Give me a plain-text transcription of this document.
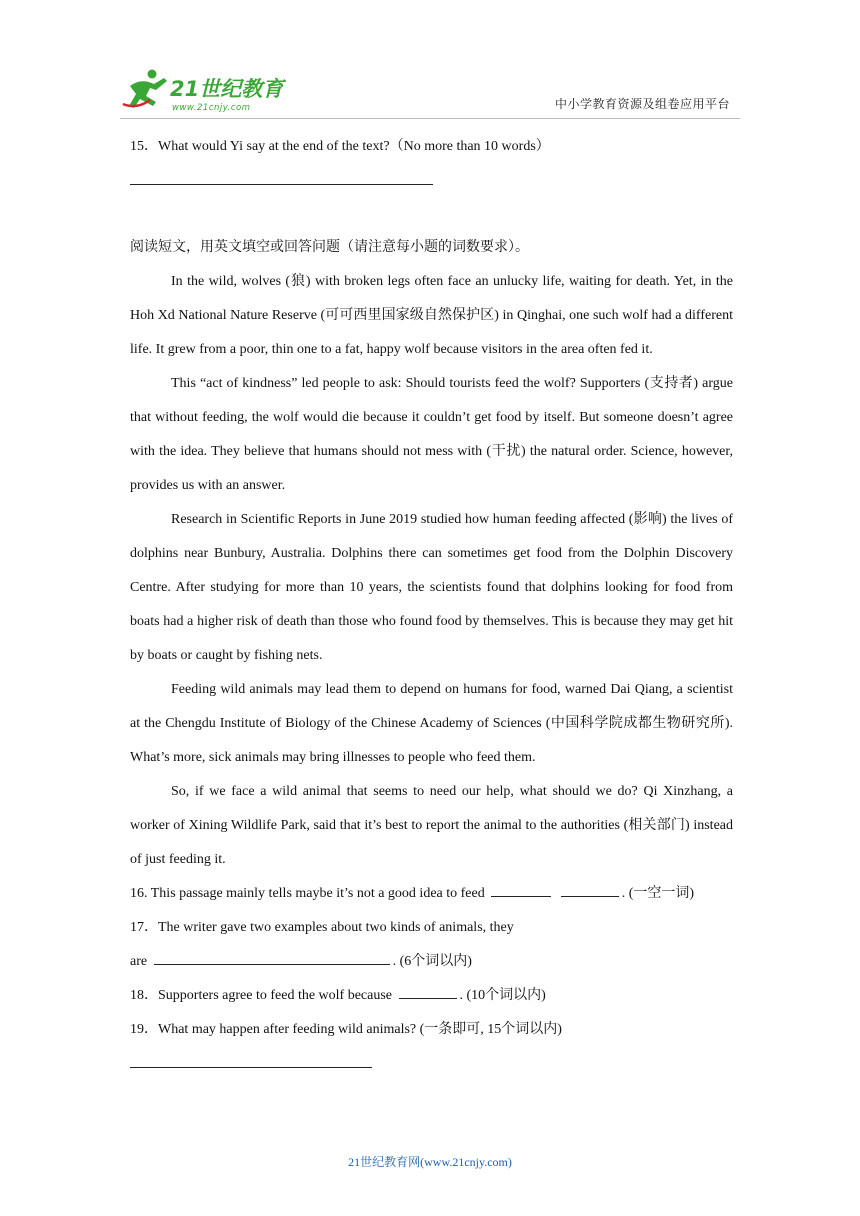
21世纪教育
www.21cnjy.com	中小学教育资源及组卷应用平台
15．What would Yi say at the end of the text?（No more than 10 words）
阅读短文，用英文填空或回答问题（请注意每小题的词数要求）。

In the wild, wolves (狼) with broken legs often face an unlucky life, waiting for death. Yet, in the Hoh Xd National Nature Reserve (可可西里国家级自然保护区) in Qinghai, one such wolf had a different life. It grew from a poor, thin one to a fat, happy wolf because visitors in the area often fed it.

This “act of kindness” led people to ask: Should tourists feed the wolf? Supporters (支持者) argue that without feeding, the wolf would die because it couldn’t get food by itself. But someone doesn’t agree with the idea. They believe that humans should not mess with (干扰) the natural order. Science, however, provides us with an answer.

Research in Scientific Reports in June 2019 studied how human feeding affected (影响) the lives of dolphins near Bunbury, Australia. Dolphins there can sometimes get food from the Dolphin Discovery Centre. After studying for more than 10 years, the scientists found that dolphins looking for food from boats had a higher risk of death than those who found food by themselves. This is because they may get hit by boats or caught by fishing nets.

Feeding wild animals may lead them to depend on humans for food, warned Dai Qiang, a scientist at the Chengdu Institute of Biology of the Chinese Academy of Sciences (中国科学院成都生物研究所). What’s more, sick animals may bring illnesses to people who feed them.

So, if we face a wild animal that seems to need our help, what should we do? Qi Xinzhang, a worker of Xining Wildlife Park, said that it’s best to report the animal to the authorities (相关部门) instead of just feeding it.

16. This passage mainly tells maybe it’s not a good idea to feed	. (一空一词)
17．The writer gave two examples about two kinds of animals, they
are	. (6个词以内)
18．Supporters agree to feed the wolf because	. (10个词以内)
19．What may happen after feeding wild animals? (一条即可, 15个词以内)
21世纪教育网(www.21cnjy.com)
